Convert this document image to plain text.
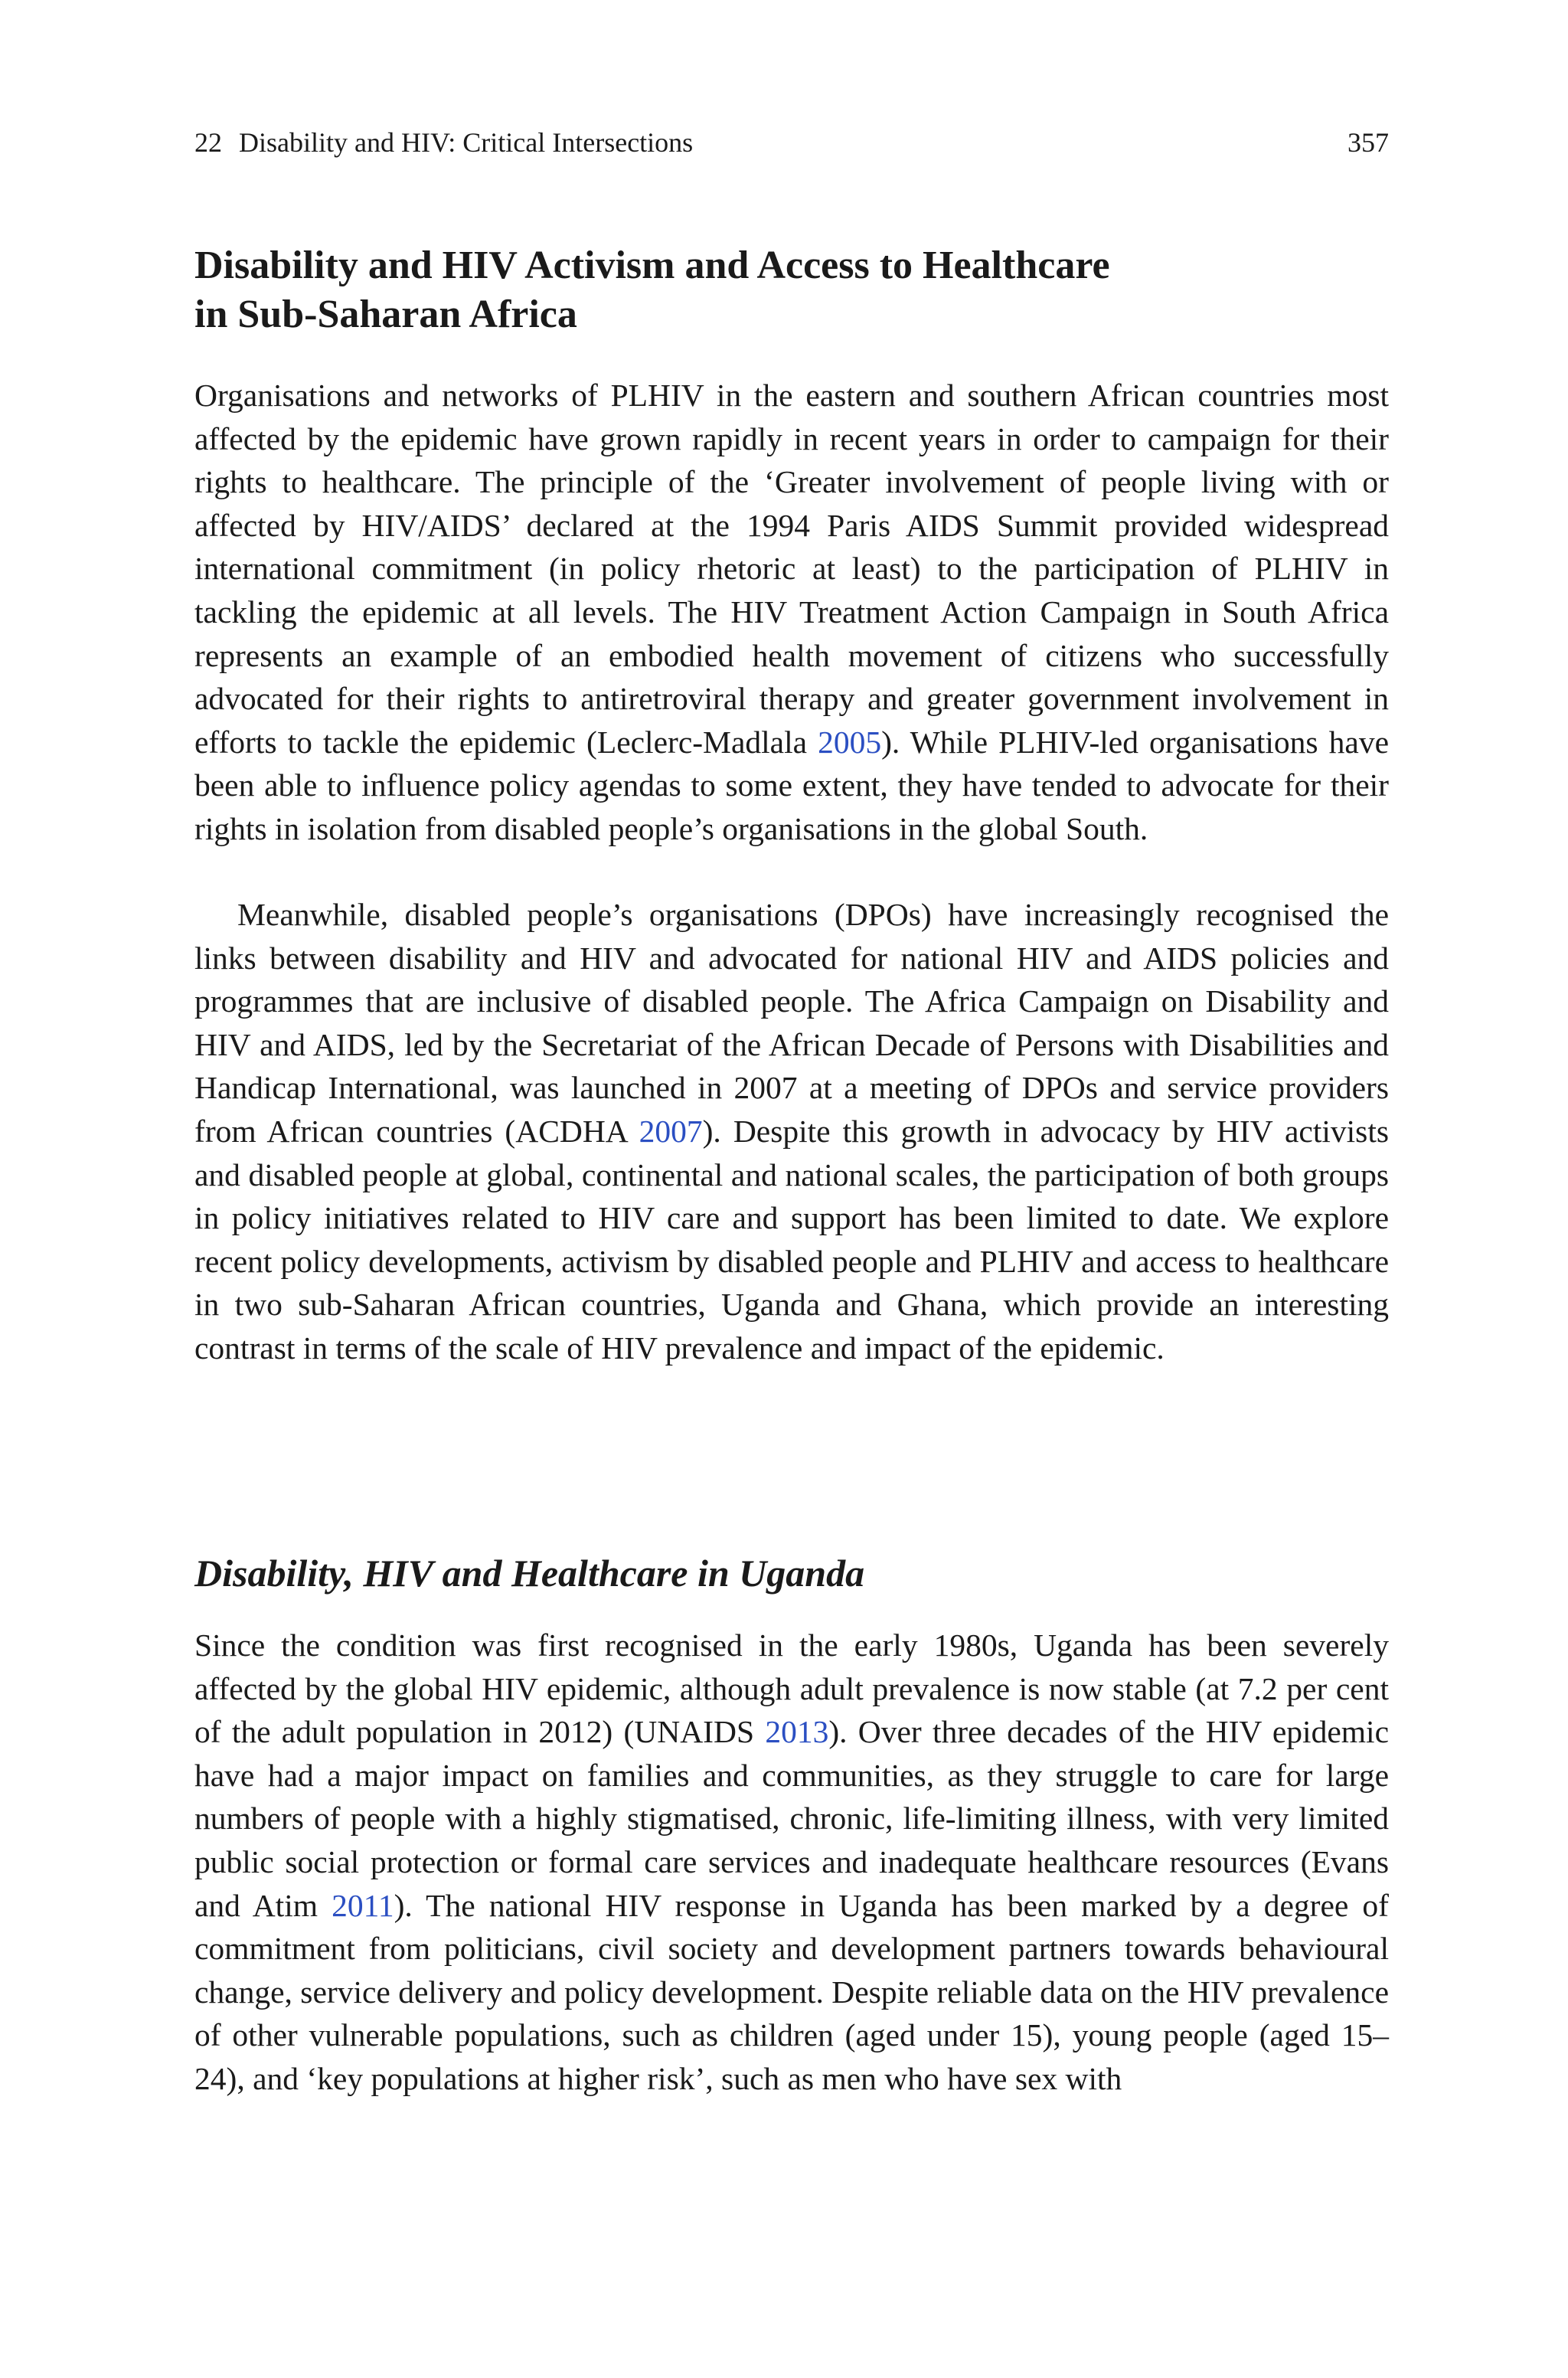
22 Disability and HIV: Critical Intersections	357
Disability and HIV Activism and Access to Healthcare
in Sub-Saharan Africa

Organisations and networks of PLHIV in the eastern and southern African countries most affected by the epidemic have grown rapidly in recent years in order to campaign for their rights to healthcare. The principle of the ‘Greater involvement of people living with or affected by HIV/AIDS’ declared at the 1994 Paris AIDS Summit provided widespread international commitment (in policy rhetoric at least) to the participation of PLHIV in tackling the epidemic at all levels. The HIV Treatment Action Campaign in South Africa represents an example of an embodied health movement of citizens who successfully advocated for their rights to antiretroviral therapy and greater government involvement in efforts to tackle the epidemic (Leclerc-Madlala 2005). While PLHIV-led organisations have been able to influence policy agendas to some extent, they have tended to advocate for their rights in isolation from disabled people’s organisations in the global South.

Meanwhile, disabled people’s organisations (DPOs) have increasingly recognised the links between disability and HIV and advocated for national HIV and AIDS policies and programmes that are inclusive of disabled people. The Africa Campaign on Disability and HIV and AIDS, led by the Secretariat of the African Decade of Persons with Disabilities and Handicap International, was launched in 2007 at a meeting of DPOs and service providers from African countries (ACDHA 2007). Despite this growth in advocacy by HIV activists and disabled people at global, continental and national scales, the participation of both groups in policy initiatives related to HIV care and support has been limited to date. We explore recent policy developments, activism by disabled people and PLHIV and access to healthcare in two sub-Saharan African countries, Uganda and Ghana, which provide an interesting contrast in terms of the scale of HIV prevalence and impact of the epidemic.

Disability, HIV and Healthcare in Uganda

Since the condition was first recognised in the early 1980s, Uganda has been severely affected by the global HIV epidemic, although adult prevalence is now stable (at 7.2 per cent of the adult population in 2012) (UNAIDS 2013). Over three decades of the HIV epidemic have had a major impact on families and communities, as they struggle to care for large numbers of people with a highly stigmatised, chronic, life-limiting illness, with very limited public social protection or formal care services and inadequate healthcare resources (Evans and Atim 2011). The national HIV response in Uganda has been marked by a degree of commitment from politicians, civil society and development partners towards behavioural change, service delivery and policy development. Despite reliable data on the HIV prevalence of other vulnerable populations, such as children (aged under 15), young people (aged 15–24), and ‘key populations at higher risk’, such as men who have sex with
